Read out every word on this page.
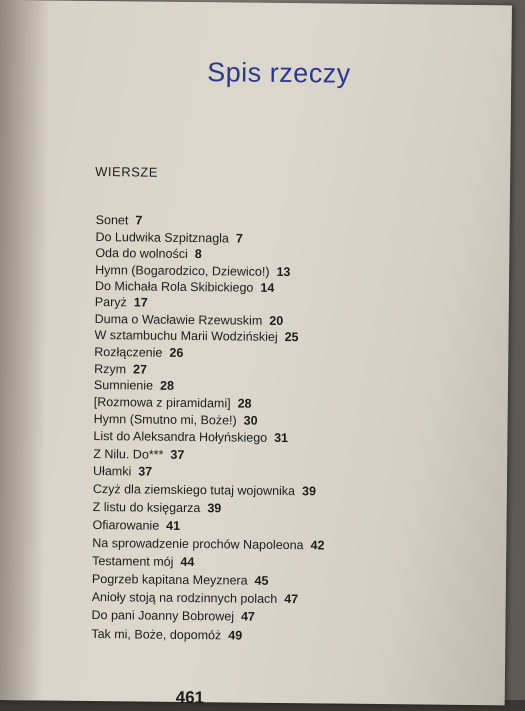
Spis rzeczy
WIERSZE
Sonet 7
Do Ludwika Szpitznagla 7
Oda do wolności 8
Hymn (Bogarodzico, Dziewico!) 13
Do Michała Rola Skibickiego 14
Paryż 17
Duma o Wacławie Rzewuskim 20
W sztambuchu Marii Wodzińskiej 25
Rozłączenie 26
Rzym 27
Sumnienie 28
[Rozmowa z piramidami] 28
Hymn (Smutno mi, Boże!) 30
List do Aleksandra Hołyńskiego 31
Z Nilu. Do*** 37
Ułamki 37
Czyż dla ziemskiego tutaj wojownika 39
Z listu do księgarza 39
Ofiarowanie 41
Na sprowadzenie prochów Napoleona 42
Testament mój 44
Pogrzeb kapitana Meyznera 45
Anioły stoją na rodzinnych polach 47
Do pani Joanny Bobrowej 47
Tak mi, Boże, dopomóż 49
461
